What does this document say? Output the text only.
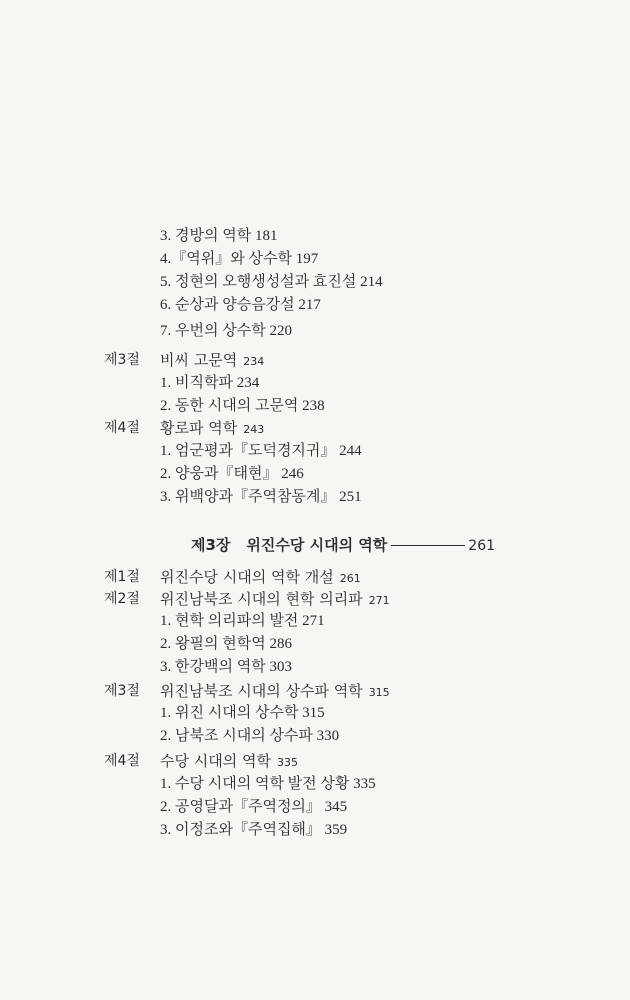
3. 경방의 역학 181
4.『역위』와 상수학 197
5. 정현의 오행생성설과 효진설 214
6. 순상과 양승음강설 217
7. 우번의 상수학 220
제3절 비씨 고문역 234
1. 비직학파 234
2. 동한 시대의 고문역 238
제4절 황로파 역학 243
1. 엄군평과『도덕경지귀』 244
2. 양웅과『태현』 246
3. 위백양과『주역참동계』 251
제3장 위진수당 시대의 역학	261
제1절 위진수당 시대의 역학 개설 261
제2절 위진남북조 시대의 현학 의리파 271
1. 현학 의리파의 발전 271
2. 왕필의 현학역 286
3. 한강백의 역학 303
제3절 위진남북조 시대의 상수파 역학 315
1. 위진 시대의 상수학 315
2. 남북조 시대의 상수파 330
제4절 수당 시대의 역학 335
1. 수당 시대의 역학 발전 상황 335
2. 공영달과『주역정의』 345
3. 이정조와『주역집해』 359
